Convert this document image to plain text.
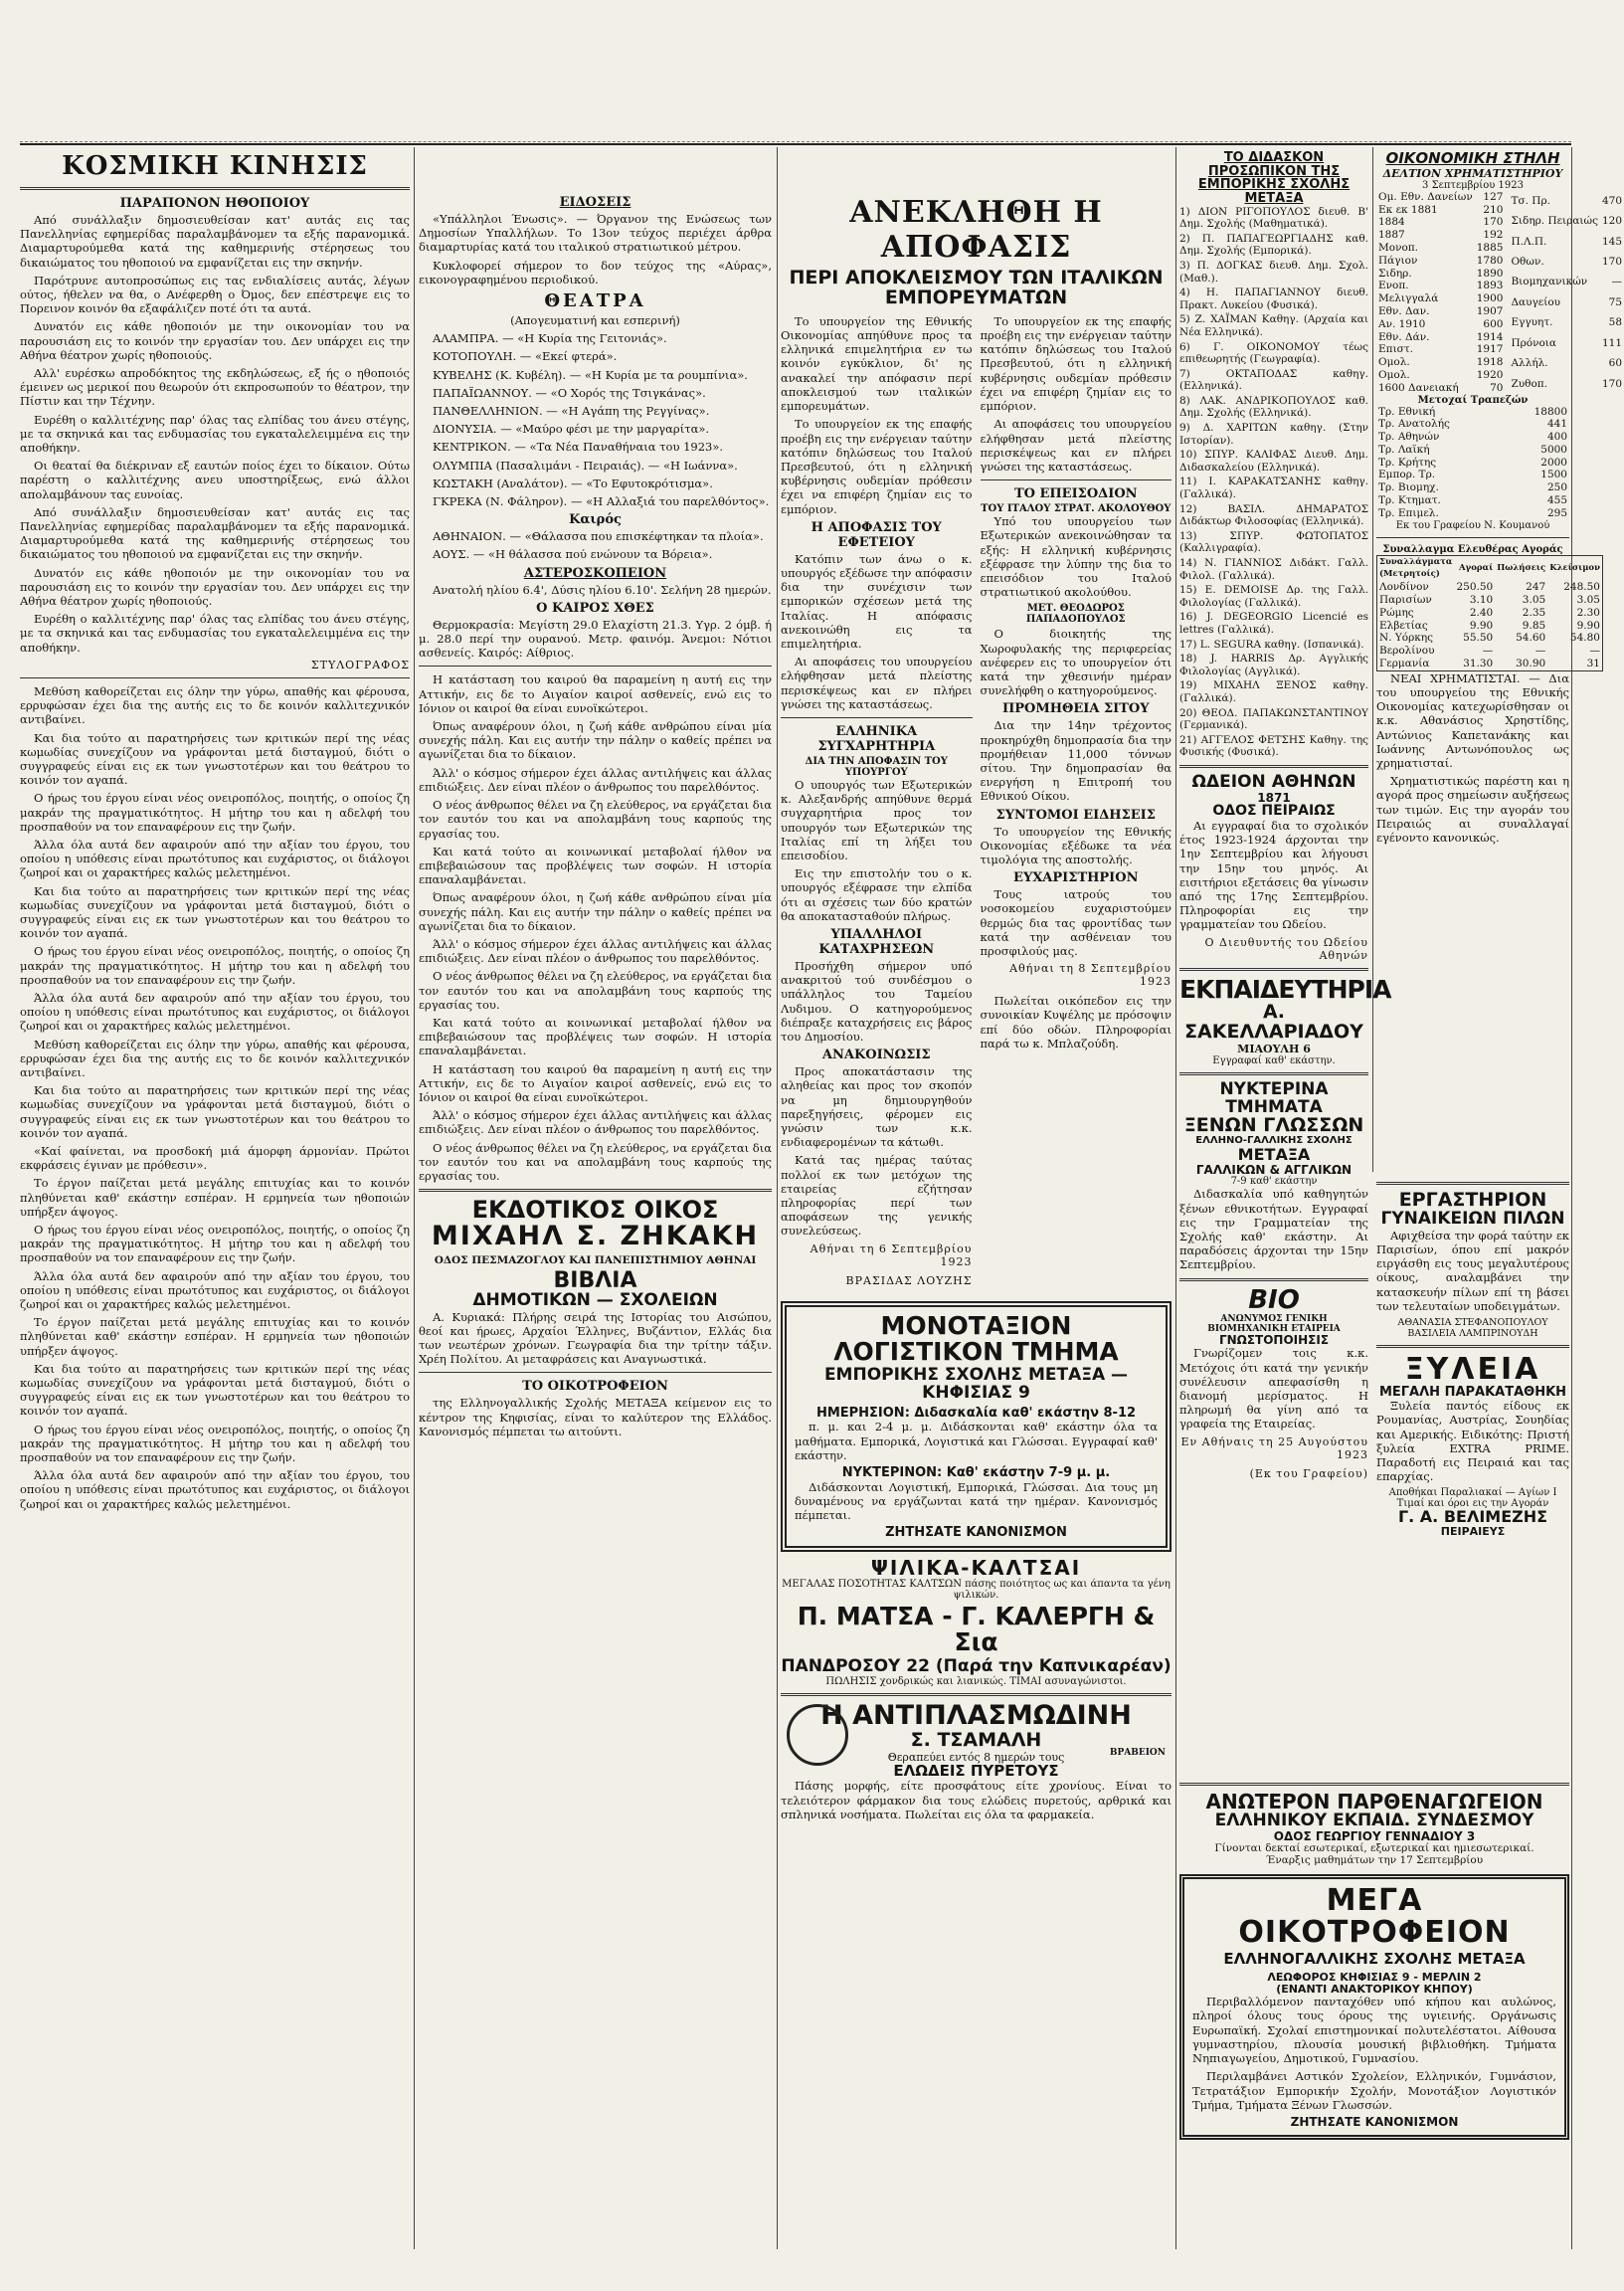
ΚΟΣΜΙΚΗ ΚΙΝΗΣΙΣ
ΠΑΡΑΠΟΝΟΝ ΗΘΟΠΟΙΟΥ

Από συνάλλαξιν δημοσιευθείσαν κατ' αυτάς εις τας Πανελληνίας εφημερίδας παραλαμβάνομεν τα εξής παρανομικά. Διαμαρτυρούμεθα κατά της καθημερινής στέρησεως του δικαιώματος του ηθοποιού να εμφανίζεται εις την σκηνήν.

Παρότρυνε αυτοπροσώπως εις τας ενδιαλίσεις αυτάς, λέγων ούτος, ήθελεν να θα, ο Ανέφερθη ο Όμος, δεν επέστρεψε εις το Πορεινον κοινόν θα εξαφάλιζεν ποτέ ότι τα αυτά.

Δυνατόν εις κάθε ηθοποιόν με την οικονομίαν του να παρουσιάση εις το κοινόν την εργασίαν του. Δεν υπάρχει εις την Αθήνα θέατρον χωρίς ηθοποιούς.

Αλλ' ευρέσκω απροδόκητος της εκδηλώσεως, εξ ής ο ηθοποιός έμεινεν ως μερικοί που θεωρούν ότι εκπροσωπούν το θέατρον, την Πίστιν και την Τέχνην.

Ευρέθη ο καλλιτέχνης παρ' όλας τας ελπίδας του άνευ στέγης, με τα σκηνικά και τας ενδυμασίας του εγκαταλελειμμένα εις την αποθήκην.

Οι θεαταί θα διέκριναν εξ εαυτών ποίος έχει το δίκαιον. Ούτω παρέστη ο καλλιτέχνης ανευ υποστηρίξεως, ενώ άλλοι απολαμβάνουν τας ευνοίας.

Από συνάλλαξιν δημοσιευθείσαν κατ' αυτάς εις τας Πανελληνίας εφημερίδας παραλαμβάνομεν τα εξής παρανομικά. Διαμαρτυρούμεθα κατά της καθημερινής στέρησεως του δικαιώματος του ηθοποιού να εμφανίζεται εις την σκηνήν.

Δυνατόν εις κάθε ηθοποιόν με την οικονομίαν του να παρουσιάση εις το κοινόν την εργασίαν του. Δεν υπάρχει εις την Αθήνα θέατρον χωρίς ηθοποιούς.

Ευρέθη ο καλλιτέχνης παρ' όλας τας ελπίδας του άνευ στέγης, με τα σκηνικά και τας ενδυμασίας του εγκαταλελειμμένα εις την αποθήκην.

ΣΤΥΛΟΓΡΑΦΟΣ

Μεθύση καθορείζεται εις όλην την γύρω, απαθής και φέρουσα, ερρυφώσαν έχει δια της αυτής εις το δε κοινόν καλλιτεχνικόν αντιβαίνει.

Και δια τούτο αι παρατηρήσεις των κριτικών περί της νέας κωμωδίας συνεχίζουν να γράφονται μετά δισταγμού, διότι ο συγγραφεύς είναι εις εκ των γνωστοτέρων και του θεάτρου το κοινόν τον αγαπά.

Ο ήρως του έργου είναι νέος ονειροπόλος, ποιητής, ο οποίος ζη μακράν της πραγματικότητος. Η μήτηρ του και η αδελφή του προσπαθούν να τον επαναφέρουν εις την ζωήν.

Άλλα όλα αυτά δεν αφαιρούν από την αξίαν του έργου, του οποίου η υπόθεσις είναι πρωτότυπος και ευχάριστος, οι διάλογοι ζωηροί και οι χαρακτήρες καλώς μελετημένοι.

Και δια τούτο αι παρατηρήσεις των κριτικών περί της νέας κωμωδίας συνεχίζουν να γράφονται μετά δισταγμού, διότι ο συγγραφεύς είναι εις εκ των γνωστοτέρων και του θεάτρου το κοινόν τον αγαπά.

Ο ήρως του έργου είναι νέος ονειροπόλος, ποιητής, ο οποίος ζη μακράν της πραγματικότητος. Η μήτηρ του και η αδελφή του προσπαθούν να τον επαναφέρουν εις την ζωήν.

Άλλα όλα αυτά δεν αφαιρούν από την αξίαν του έργου, του οποίου η υπόθεσις είναι πρωτότυπος και ευχάριστος, οι διάλογοι ζωηροί και οι χαρακτήρες καλώς μελετημένοι.

Μεθύση καθορείζεται εις όλην την γύρω, απαθής και φέρουσα, ερρυφώσαν έχει δια της αυτής εις το δε κοινόν καλλιτεχνικόν αντιβαίνει.

Και δια τούτο αι παρατηρήσεις των κριτικών περί της νέας κωμωδίας συνεχίζουν να γράφονται μετά δισταγμού, διότι ο συγγραφεύς είναι εις εκ των γνωστοτέρων και του θεάτρου το κοινόν τον αγαπά.

«Καί φαίνεται, να προσδοκή μιά άμορφη άρμονίαν. Πρώτοι εκφράσεις έγιναν με πρόθεσιν».

Το έργον παίζεται μετά μεγάλης επιτυχίας και το κοινόν πληθύνεται καθ' εκάστην εσπέραν. Η ερμηνεία των ηθοποιών υπήρξεν άψογος.

Ο ήρως του έργου είναι νέος ονειροπόλος, ποιητής, ο οποίος ζη μακράν της πραγματικότητος. Η μήτηρ του και η αδελφή του προσπαθούν να τον επαναφέρουν εις την ζωήν.

Άλλα όλα αυτά δεν αφαιρούν από την αξίαν του έργου, του οποίου η υπόθεσις είναι πρωτότυπος και ευχάριστος, οι διάλογοι ζωηροί και οι χαρακτήρες καλώς μελετημένοι.

Το έργον παίζεται μετά μεγάλης επιτυχίας και το κοινόν πληθύνεται καθ' εκάστην εσπέραν. Η ερμηνεία των ηθοποιών υπήρξεν άψογος.

Και δια τούτο αι παρατηρήσεις των κριτικών περί της νέας κωμωδίας συνεχίζουν να γράφονται μετά δισταγμού, διότι ο συγγραφεύς είναι εις εκ των γνωστοτέρων και του θεάτρου το κοινόν τον αγαπά.

Ο ήρως του έργου είναι νέος ονειροπόλος, ποιητής, ο οποίος ζη μακράν της πραγματικότητος. Η μήτηρ του και η αδελφή του προσπαθούν να τον επαναφέρουν εις την ζωήν.

Άλλα όλα αυτά δεν αφαιρούν από την αξίαν του έργου, του οποίου η υπόθεσις είναι πρωτότυπος και ευχάριστος, οι διάλογοι ζωηροί και οι χαρακτήρες καλώς μελετημένοι.

ΕΙΔΟΣΕΙΣ

«Υπάλληλοι Ένωσις». — Όργανον της Ενώσεως των Δημοσίων Υπαλλήλων. Το 13ον τεύχος περιέχει άρθρα διαμαρτυρίας κατά του ιταλικού στρατιωτικού μέτρου.

Κυκλοφορεί σήμερον το δον τεύχος της «Αύρας», εικονογραφημένου περιοδικού.

ΘΕΑΤΡΑ

(Απογευματινή και εσπερινή)

ΑΛΑΜΠΡΑ. — «Η Κυρία της Γειτονιάς».

ΚΟΤΟΠΟΥΛΗ. — «Εκεί φτερά».

ΚΥΒΕΛΗΣ (Κ. Κυβέλη). — «Η Κυρία με τα ρουμπίνια».

ΠΑΠΑΪΩΑΝΝΟΥ. — «Ο Χορός της Τσιγκάνας».

ΠΑΝΘΕΛΛΗΝΙΟΝ. — «Η Αγάπη της Ρεγγίνας».

ΔΙΟΝΥΣΙΑ. — «Μαύρο φέσι με την μαργαρίτα».

ΚΕΝΤΡΙΚΟΝ. — «Τα Νέα Παναθήναια του 1923».

ΟΛΥΜΠΙΑ (Πασαλιμάνι - Πειραιάς). — «Η Ιωάννα».

ΚΩΣΤΑΚΗ (Αναλάτον). — «Το Εφυτοκρότισμα».

ΓΚΡΕΚΑ (Ν. Φάληρον). — «Η Αλλαξιά του παρελθόντος».

Καιρός

ΑΘΗΝΑΙΟΝ. — «Θάλασσα που επισκέφτηκαν τα πλοία».

ΑΟΥΣ. — «Η θάλασσα πού ενώνουν τα Βόρεια».

ΑΣΤΕΡΟΣΚΟΠΕΙΟΝ

Ανατολή ηλίου 6.4', Δύσις ηλίου 6.10'. Σελήνη 28 ημερών.

Ο ΚΑΙΡΟΣ ΧΘΕΣ

Θερμοκρασία: Μεγίστη 29.0 Ελαχίστη 21.3. Υγρ. 2 όμβ. ή μ. 28.0 περί την ουρανού. Μετρ. φαινόμ. Άνεμοι: Νότιοι ασθενείς. Καιρός: Αίθριος.

Η κατάσταση του καιρού θα παραμείνη η αυτή εις την Αττικήν, εις δε το Αιγαίον καιροί ασθενείς, ενώ εις το Ιόνιον οι καιροί θα είναι ευνοϊκώτεροι.

Όπως αναφέρουν όλοι, η ζωή κάθε ανθρώπου είναι μία συνεχής πάλη. Και εις αυτήν την πάλην ο καθείς πρέπει να αγωνίζεται δια το δίκαιον.

Άλλ' ο κόσμος σήμερον έχει άλλας αντιλήψεις και άλλας επιδιώξεις. Δεν είναι πλέον ο άνθρωπος του παρελθόντος.

Ο νέος άνθρωπος θέλει να ζη ελεύθερος, να εργάζεται δια τον εαυτόν του και να απολαμβάνη τους καρπούς της εργασίας του.

Και κατά τούτο αι κοινωνικαί μεταβολαί ήλθον να επιβεβαιώσουν τας προβλέψεις των σοφών. Η ιστορία επαναλαμβάνεται.

Όπως αναφέρουν όλοι, η ζωή κάθε ανθρώπου είναι μία συνεχής πάλη. Και εις αυτήν την πάλην ο καθείς πρέπει να αγωνίζεται δια το δίκαιον.

Άλλ' ο κόσμος σήμερον έχει άλλας αντιλήψεις και άλλας επιδιώξεις. Δεν είναι πλέον ο άνθρωπος του παρελθόντος.

Ο νέος άνθρωπος θέλει να ζη ελεύθερος, να εργάζεται δια τον εαυτόν του και να απολαμβάνη τους καρπούς της εργασίας του.

Και κατά τούτο αι κοινωνικαί μεταβολαί ήλθον να επιβεβαιώσουν τας προβλέψεις των σοφών. Η ιστορία επαναλαμβάνεται.

Η κατάσταση του καιρού θα παραμείνη η αυτή εις την Αττικήν, εις δε το Αιγαίον καιροί ασθενείς, ενώ εις το Ιόνιον οι καιροί θα είναι ευνοϊκώτεροι.

Άλλ' ο κόσμος σήμερον έχει άλλας αντιλήψεις και άλλας επιδιώξεις. Δεν είναι πλέον ο άνθρωπος του παρελθόντος.

Ο νέος άνθρωπος θέλει να ζη ελεύθερος, να εργάζεται δια τον εαυτόν του και να απολαμβάνη τους καρπούς της εργασίας του.

ΕΚΔΟΤΙΚΟΣ ΟΙΚΟΣ
ΜΙΧΑΗΛ Σ. ΖΗΚΑΚΗ
ΟΔΟΣ ΠΕΣΜΑΖΟΓΛΟΥ ΚΑΙ ΠΑΝΕΠΙΣΤΗΜΙΟΥ ΑΘΗΝΑΙ
ΒΙΒΛΙΑ
ΔΗΜΟΤΙΚΩΝ — ΣΧΟΛΕΙΩΝ

Α. Κυριακά: Πλήρης σειρά της Ιστορίας του Αισώπου, θεοί και ήρωες, Αρχαίοι Έλληνες, Βυζάντιον, Ελλάς δια των νεωτέρων χρόνων. Γεωγραφία δια την τρίτην τάξιν. Χρέη Πολίτου. Αι μεταφράσεις και Αναγνωστικά.

ΤΟ ΟΙΚΟΤΡΟΦΕΙΟΝ

της Ελληνογαλλικής Σχολής ΜΕΤΑΞΑ κείμενον εις το κέντρον της Κηφισίας, είναι το καλύτερον της Ελλάδος. Κανονισμός πέμπεται τω αιτούντι.

ΑΝΕΚΛΗΘΗ Η ΑΠΟΦΑΣΙΣ
ΠΕΡΙ ΑΠΟΚΛΕΙΣΜΟΥ ΤΩΝ ΙΤΑΛΙΚΩΝ ΕΜΠΟΡΕΥΜΑΤΩΝ

Το υπουργείον της Εθνικής Οικονομίας απηύθυνε προς τα ελληνικά επιμελητήρια εν τω κοινόν εγκύκλιον, δι' ης ανακαλεί την απόφασιν περί αποκλεισμού των ιταλικών εμπορευμάτων.

Το υπουργείον εκ της επαφής προέβη εις την ενέργειαν ταύτην κατόπιν δηλώσεως του Ιταλού Πρεσβευτού, ότι η ελληνική κυβέρνησις ουδεμίαν πρόθεσιν έχει να επιφέρη ζημίαν εις το εμπόριον.

Η ΑΠΟΦΑΣΙΣ ΤΟΥ ΕΦΕΤΕΙΟΥ

Κατόπιν των άνω ο κ. υπουργός εξέδωσε την απόφασιν δια την συνέχισιν των εμπορικών σχέσεων μετά της Ιταλίας. Η απόφασις ανεκοινώθη εις τα επιμελητήρια.

Αι αποφάσεις του υπουργείου ελήφθησαν μετά πλείστης περισκέψεως και εν πλήρει γνώσει της καταστάσεως.

ΕΛΛΗΝΙΚΑ ΣΥΓΧΑΡΗΤΗΡΙΑ
ΔΙΑ ΤΗΝ ΑΠΟΦΑΣΙΝ ΤΟΥ ΥΠΟΥΡΓΟΥ

Ο υπουργός των Εξωτερικών κ. Αλεξανδρής απηύθυνε θερμά συγχαρητήρια προς τον υπουργόν των Εξωτερικών της Ιταλίας επί τη λήξει του επεισοδίου.

Εις την επιστολήν του ο κ. υπουργός εξέφρασε την ελπίδα ότι αι σχέσεις των δύο κρατών θα αποκατασταθούν πλήρως.

ΥΠΑΛΛΗΛΟΙ ΚΑΤΑΧΡΗΣΕΩΝ

Προσήχθη σήμερον υπό ανακριτού τού συνδέσμου ο υπάλληλος του Ταμείου Λυδιμου. Ο κατηγορούμενος διέπραξε καταχρήσεις εις βάρος του Δημοσίου.

ΑΝΑΚΟΙΝΩΣΙΣ

Προς αποκατάστασιν της αληθείας και προς τον σκοπόν να μη δημιουργηθούν παρεξηγήσεις, φέρομεν εις γνώσιν των κ.κ. ενδιαφερομένων τα κάτωθι.

Κατά τας ημέρας ταύτας πολλοί εκ των μετόχων της εταιρείας εζήτησαν πληροφορίας περί των αποφάσεων της γενικής συνελεύσεως.

Αθήναι τη 6 Σεπτεμβρίου 1923
ΒΡΑΣΙΔΑΣ ΛΟΥΖΗΣ

Το υπουργείον εκ της επαφής προέβη εις την ενέργειαν ταύτην κατόπιν δηλώσεως του Ιταλού Πρεσβευτού, ότι η ελληνική κυβέρνησις ουδεμίαν πρόθεσιν έχει να επιφέρη ζημίαν εις το εμπόριον.

Αι αποφάσεις του υπουργείου ελήφθησαν μετά πλείστης περισκέψεως και εν πλήρει γνώσει της καταστάσεως.

ΤΟ ΕΠΕΙΣΟΔΙΟΝ
ΤΟΥ ΙΤΑΛΟΥ ΣΤΡΑΤ. ΑΚΟΛΟΥΘΟΥ

Υπό του υπουργείου των Εξωτερικών ανεκοινώθησαν τα εξής: Η ελληνική κυβέρνησις εξέφρασε την λύπην της δια το επεισόδιον του Ιταλού στρατιωτικού ακολούθου.

ΜΕΤ. ΘΕΟΔΩΡΟΣ ΠΑΠΑΔΟΠΟΥΛΟΣ

Ο διοικητής της Χωροφυλακής της περιφερείας ανέφερεν εις το υπουργείον ότι κατά την χθεσινήν ημέραν συνελήφθη ο κατηγορούμενος.

ΠΡΟΜΗΘΕΙΑ ΣΙΤΟΥ

Δια την 14ην τρέχοντος προκηρύχθη δημοπρασία δια την προμήθειαν 11,000 τόννων σίτου. Την δημοπρασίαν θα ενεργήση η Επιτροπή του Εθνικού Οίκου.

ΣΥΝΤΟΜΟΙ ΕΙΔΗΣΕΙΣ

Το υπουργείον της Εθνικής Οικονομίας εξέδωκε τα νέα τιμολόγια της αποστολής.

ΕΥΧΑΡΙΣΤΗΡΙΟΝ

Τους ιατρούς του νοσοκομείου ευχαριστούμεν θερμώς δια τας φροντίδας των κατά την ασθένειαν του προσφιλούς μας.

Αθήναι τη 8 Σεπτεμβρίου 1923

Πωλείται οικόπεδον εις την συνοικίαν Κυψέλης με πρόσοψιν επί δύο οδών. Πληροφορίαι παρά τω κ. Μπλαζούδη.

ΜΟΝΟΤΑΞΙΟΝ ΛΟΓΙΣΤΙΚΟΝ ΤΜΗΜΑ
ΕΜΠΟΡΙΚΗΣ ΣΧΟΛΗΣ ΜΕΤΑΞΑ — ΚΗΦΙΣΙΑΣ 9
ΗΜΕΡΗΣΙΟΝ: Διδασκαλία καθ' εκάστην 8-12

π. μ. και 2-4 μ. μ. Διδάσκονται καθ' εκάστην όλα τα μαθήματα. Εμπορικά, Λογιστικά και Γλώσσαι. Εγγραφαί καθ' εκάστην.

ΝΥΚΤΕΡΙΝΟΝ: Καθ' εκάστην 7-9 μ. μ.

Διδάσκονται Λογιστική, Εμπορικά, Γλώσσαι. Δια τους μη δυναμένους να εργάζωνται κατά την ημέραν. Κανονισμός πέμπεται.

ΖΗΤΗΣΑΤΕ ΚΑΝΟΝΙΣΜΟΝ
ΨΙΛΙΚΑ-ΚΑΛΤΣΑΙ
ΜΕΓΑΛΑΣ ΠΟΣΟΤΗΤΑΣ ΚΑΛΤΣΩΝ πάσης ποιότητος ως και άπαντα τα γένη ψιλικών.
Π. ΜΑΤΣΑ - Γ. ΚΑΛΕΡΓΗ & Σια
ΠΑΝΔΡΟΣΟΥ 22 (Παρά την Καπνικαρέαν)
ΠΩΛΗΣΙΣ χονδρικώς και λιανικώς. ΤΙΜΑΙ ασυναγώνιστοι.
Η ΑΝΤΙΠΛΑΣΜΩΔΙΝΗ
Σ. ΤΣΑΜΑΛΗ
Θεραπεύει εντός 8 ημερών τους
ΕΛΩΔΕΙΣ ΠΥΡΕΤΟΥΣ
ΒΡΑΒΕΙΟΝ

Πάσης μορφής, είτε προσφάτους είτε χρονίους. Είναι το τελειότερον φάρμακον δια τους ελώδεις πυρετούς, αρθρικά και σπληνικά νοσήματα. Πωλείται εις όλα τα φαρμακεία.

ΤΟ ΔΙΔΑΣΚΟΝ ΠΡΟΣΩΠΙΚΟΝ ΤΗΣ ΕΜΠΟΡΙΚΗΣ ΣΧΟΛΗΣ ΜΕΤΑΞΑ

1) ΔΙΟΝ ΡΙΓΟΠΟΥΛΟΣ διευθ. Β' Δημ. Σχολής (Μαθηματικά).

2) Π. ΠΑΠΑΓΕΩΡΓΙΑΔΗΣ καθ. Δημ. Σχολής (Εμπορικά).

3) Π. ΔΟΓΚΑΣ διευθ. Δημ. Σχολ. (Μαθ.).

4) Η. ΠΑΠΑΓΙΑΝΝΟΥ διευθ. Πρακτ. Λυκείου (Φυσικά).

5) Ζ. ΧΑΪΜΑΝ Καθηγ. (Αρχαία και Νέα Ελληνικά).

6) Γ. ΟΙΚΟΝΟΜΟΥ τέως επιθεωρητής (Γεωγραφία).

7) ΟΚΤΑΠΟΔΑΣ καθηγ. (Ελληνικά).

8) ΛΑΚ. ΑΝΔΡΙΚΟΠΟΥΛΟΣ καθ. Δημ. Σχολής (Ελληνικά).

9) Δ. ΧΑΡΙΤΩΝ καθηγ. (Στην Ιστορίαν).

10) ΣΠΥΡ. ΚΑΛΙΦΑΣ Διευθ. Δημ. Διδασκαλείου (Ελληνικά).

11) Ι. ΚΑΡΑΚΑΤΣΑΝΗΣ καθηγ. (Γαλλικά).

12) ΒΑΣΙΛ. ΔΗΜΑΡΑΤΟΣ Διδάκτωρ Φιλοσοφίας (Ελληνικά).

13) ΣΠΥΡ. ΦΩΤΟΠΑΤΟΣ (Καλλιγραφία).

14) Ν. ΓΙΑΝΝΙΟΣ Διδάκτ. Γαλλ. Φιλολ. (Γαλλικά).

15) Ε. DEMOISE Δρ. της Γαλλ. Φιλολογίας (Γαλλικά).

16) J. DEGEORGIO Licencié es lettres (Γαλλικά).

17) L. SEGURA καθηγ. (Ισπανικά).

18) J. HARRIS Δρ. Αγγλικής Φιλολογίας (Αγγλικά).

19) ΜΙΧΑΗΛ ΞΕΝΟΣ καθηγ. (Γαλλικά).

20) ΘΕΟΔ. ΠΑΠΑΚΩΝΣΤΑΝΤΙΝΟΥ (Γερμανικά).

21) ΑΓΓΕΛΟΣ ΦΕΤΣΗΣ Καθηγ. της Φυσικής (Φυσικά).

ΩΔΕΙΟΝ ΑΘΗΝΩΝ
1871
ΟΔΟΣ ΠΕΙΡΑΙΩΣ

Αι εγγραφαί δια το σχολικόν έτος 1923-1924 άρχονται την 1ην Σεπτεμβρίου και λήγουσι την 15ην του μηνός. Αι εισιτήριοι εξετάσεις θα γίνωσιν από της 17ης Σεπτεμβρίου. Πληροφορίαι εις την γραμματείαν του Ωδείου.

Ο Διευθυντής του Ωδείου Αθηνών
ΕΚΠΑΙΔΕΥΤΗΡΙΑ
Α. ΣΑΚΕΛΛΑΡΙΑΔΟΥ
ΜΙΑΟΥΛΗ 6
Εγγραφαί καθ' εκάστην.
ΝΥΚΤΕΡΙΝΑ ΤΜΗΜΑΤΑ
ΞΕΝΩΝ ΓΛΩΣΣΩΝ
ΕΛΛΗΝΟ-ΓΑΛΛΙΚΗΣ ΣΧΟΛΗΣ
ΜΕΤΑΞΑ
ΓΑΛΛΙΚΩΝ & ΑΓΓΛΙΚΩΝ
7-9 καθ' εκάστην

Διδασκαλία υπό καθηγητών ξένων εθνικοτήτων. Εγγραφαί εις την Γραμματείαν της Σχολής καθ' εκάστην. Αι παραδόσεις άρχονται την 15ην Σεπτεμβρίου.

ΒΙΟ
ΑΝΩΝΥΜΟΣ ΓΕΝΙΚΗ ΒΙΟΜΗΧΑΝΙΚΗ ΕΤΑΙΡΕΙΑ
ΓΝΩΣΤΟΠΟΙΗΣΙΣ

Γνωρίζομεν τοις κ.κ. Μετόχοις ότι κατά την γενικήν συνέλευσιν απεφασίσθη η διανομή μερίσματος. Η πληρωμή θα γίνη από τα γραφεία της Εταιρείας.

Εν Αθήναις τη 25 Αυγούστου 1923
(Εκ του Γραφείου)
ΟΙΚΟΝΟΜΙΚΗ ΣΤΗΛΗ
ΔΕΛΤΙΟΝ ΧΡΗΜΑΤΙΣΤΗΡΙΟΥ
3 Σεπτεμβρίου 1923
Ομ. Εθν. Δανείων	127
Εκ εκ 1881	210
1884	170
1887	192
Μονοπ.	1885
Πάγιον	1780
Σιδηρ.	1890
Ενοπ.	1893
Μελιγγαλά	1900
Εθν. Δαν.	1907
Αν. 1910	600
Εθν. Δάν.	1914
Επιστ.	1917
Ομολ.	1918
Ομολ.	1920
1600 Δανειακή	70
Τσ. Πρ.	470
Σιδηρ. Πειραιώς	120
Π.Λ.Π.	145
Οθων.	170
Βιομηχανικών	—
Δαυγείου	75
Εγγυητ.	58
Πρόνοια	111
Αλλήλ.	60
Ζυθοπ.	170
Μετοχαί Τραπεζών
Τρ. Εθνική	18800
Τρ. Ανατολής	441
Τρ. Αθηνών	400
Τρ. Λαϊκή	5000
Τρ. Κρήτης	2000
Εμπορ. Τρ.	1500
Τρ. Βιομηχ.	250
Τρ. Κτηματ.	455
Τρ. Επιμελ.	295
Εκ του Γραφείου Ν. Κουμανού
Συναλλαγμα Ελευθέρας Αγοράς
Συναλλάγματα (Μετρητοίς)	Αγοραί	Πωλήσεις	Κλείσιμον
Λονδίνον	250.50	247	248.50
Παρισίων	3.10	3.05	3.05
Ρώμης	2.40	2.35	2.30
Ελβετίας	9.90	9.85	9.90
Ν. Υόρκης	55.50	54.60	54.80
Βερολίνου	—	—	—
Γερμανία	31.30	30.90	31

ΝΕΑΙ ΧΡΗΜΑΤΙΣΤΑΙ. — Δια του υπουργείου της Εθνικής Οικονομίας κατεχωρίσθησαν οι κ.κ. Αθανάσιος Χρηστίδης, Αντώνιος Καπετανάκης και Ιωάννης Αντωνόπουλος ως χρηματισταί.

Χρηματιστικώς παρέστη και η αγορά προς σημείωσιν αυξήσεως των τιμών. Εις την αγοράν του Πειραιώς αι συναλλαγαί εγένοντο κανονικώς.

ΕΡΓΑΣΤΗΡΙΟΝ
ΓΥΝΑΙΚΕΙΩΝ ΠΙΛΩΝ

Αφιχθείσα την φορά ταύτην εκ Παρισίων, όπου επί μακρόν ειργάσθη εις τους μεγαλυτέρους οίκους, αναλαμβάνει την κατασκευήν πίλων επί τη βάσει των τελευταίων υποδειγμάτων.

ΑΘΑΝΑΣΙΑ ΣΤΕΦΑΝΟΠΟΥΛΟΥ
ΒΑΣΙΛΕΙΑ ΛΑΜΠΡΙΝΟΥΔΗ
ΞΥΛΕΙΑ
ΜΕΓΑΛΗ ΠΑΡΑΚΑΤΑΘΗΚΗ

Ξυλεία παντός είδους εκ Ρουμανίας, Αυστρίας, Σουηδίας και Αμερικής. Ειδικότης: Πριστή ξυλεία EXTRA PRIME. Παραδοτή εις Πειραιά και τας επαρχίας.

Αποθήκαι Παραλιακαί — Αγίων Ι
Τιμαί και όροι εις την Αγοράν
Γ. Α. ΒΕΛΙΜΕΖΗΣ
ΠΕΙΡΑΙΕΥΣ
ΑΝΩΤΕΡΟΝ ΠΑΡΘΕΝΑΓΩΓΕΙΟΝ
ΕΛΛΗΝΙΚΟΥ ΕΚΠΑΙΔ. ΣΥΝΔΕΣΜΟΥ
ΟΔΟΣ ΓΕΩΡΓΙΟΥ ΓΕΝΝΑΔΙΟΥ 3
Γίνονται δεκταί εσωτερικαί, εξωτερικαί και ημιεσωτερικαί.
Έναρξις μαθημάτων την 17 Σεπτεμβρίου
ΜΕΓΑ ΟΙΚΟΤΡΟΦΕΙΟΝ
ΕΛΛΗΝΟΓΑΛΛΙΚΗΣ ΣΧΟΛΗΣ ΜΕΤΑΞΑ
ΛΕΩΦΟΡΟΣ ΚΗΦΙΣΙΑΣ 9 - ΜΕΡΛΙΝ 2
(ΕΝΑΝΤΙ ΑΝΑΚΤΟΡΙΚΟΥ ΚΗΠΟΥ)

Περιβαλλόμενον πανταχόθεν υπό κήπου και αυλώνος, πληροί όλους τους όρους της υγιεινής. Οργάνωσις Ευρωπαϊκή. Σχολαί επιστημονικαί πολυτελέστατοι. Αίθουσα γυμναστηρίου, πλουσία μουσική βιβλιοθήκη. Τμήματα Νηπιαγωγείου, Δημοτικού, Γυμνασίου.

Περιλαμβάνει Αστικόν Σχολείον, Ελληνικόν, Γυμνάσιον, Τετρατάξιον Εμπορικήν Σχολήν, Μονοτάξιον Λογιστικόν Τμήμα, Τμήματα Ξένων Γλωσσών.

ΖΗΤΗΣΑΤΕ ΚΑΝΟΝΙΣΜΟΝ
